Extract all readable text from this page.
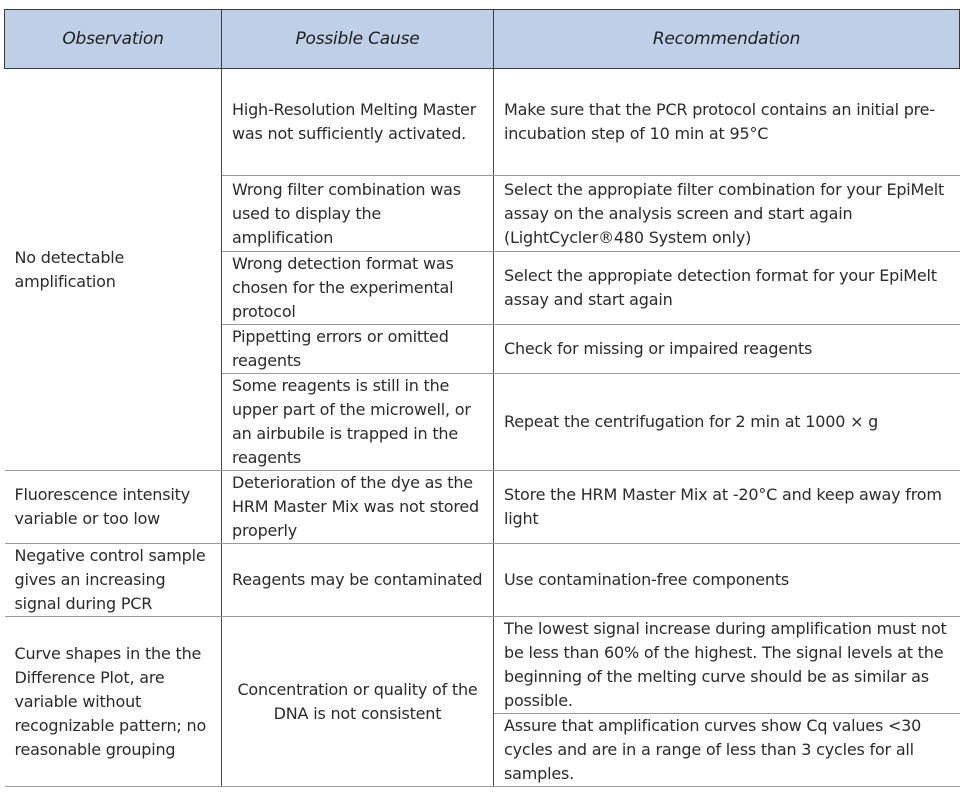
Observation	Possible Cause	Recommendation
No detectable amplification	High-Resolution Melting Master was not sufficiently activated.	Make sure that the PCR protocol contains an initial pre-incubation step of 10 min at 95°C
	Wrong filter combination was used to display the amplification	Select the appropiate filter combination for your EpiMelt assay on the analysis screen and start again (LightCycler®480 System only)
	Wrong detection format was chosen for the experimental protocol	Select the appropiate detection format for your EpiMelt assay and start again
	Pippetting errors or omitted reagents	Check for missing or impaired reagents
	Some reagents is still in the upper part of the microwell, or an airbubile is trapped in the reagents	Repeat the centrifugation for 2 min at 1000 × g
Fluorescence intensity variable or too low	Deterioration of the dye as the HRM Master Mix was not stored properly	Store the HRM Master Mix at -20°C and keep away from light
Negative control sample gives an increasing signal during PCR	Reagents may be contaminated	Use contamination-free components
Curve shapes in the the Difference Plot, are variable without recognizable pattern; no reasonable grouping	Concentration or quality of the DNA is not consistent	The lowest signal increase during amplification must not be less than 60% of the highest. The signal levels at the beginning of the melting curve should be as similar as possible.
		Assure that amplification curves show Cq values <30 cycles and are in a range of less than 3 cycles for all samples.
